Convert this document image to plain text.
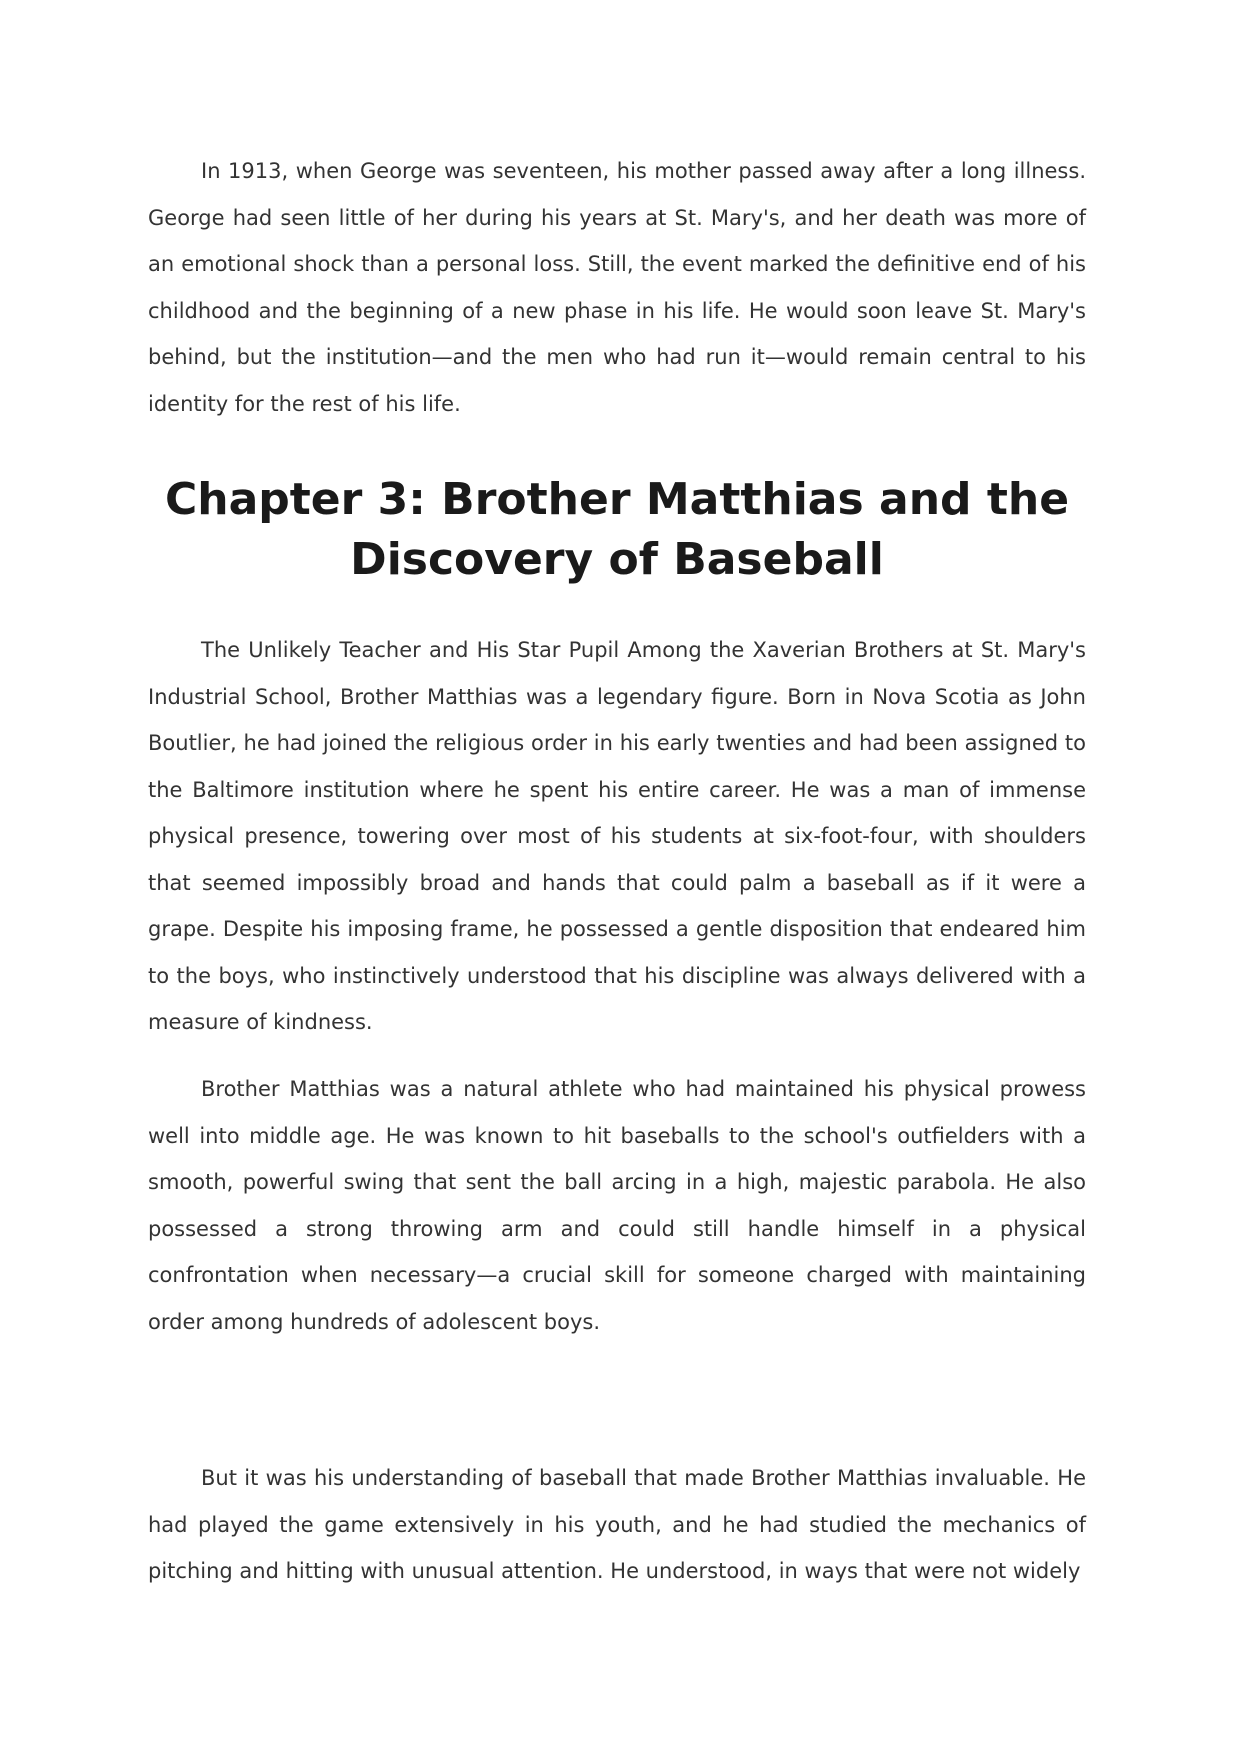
In 1913, when George was seventeen, his mother passed away after a long illness. George had seen little of her during his years at St. Mary's, and her death was more of an emotional shock than a personal loss. Still, the event marked the definitive end of his childhood and the beginning of a new phase in his life. He would soon leave St. Mary's behind, but the institution—and the men who had run it—would remain central to his identity for the rest of his life.

Chapter 3: Brother Matthias and the Discovery of Baseball

The Unlikely Teacher and His Star Pupil Among the Xaverian Brothers at St. Mary's Industrial School, Brother Matthias was a legendary figure. Born in Nova Scotia as John Boutlier, he had joined the religious order in his early twenties and had been assigned to the Baltimore institution where he spent his entire career. He was a man of immense physical presence, towering over most of his students at six-foot-four, with shoulders that seemed impossibly broad and hands that could palm a baseball as if it were a grape. Despite his imposing frame, he possessed a gentle disposition that endeared him to the boys, who instinctively understood that his discipline was always delivered with a measure of kindness.

Brother Matthias was a natural athlete who had maintained his physical prowess well into middle age. He was known to hit baseballs to the school's outfielders with a smooth, powerful swing that sent the ball arcing in a high, majestic parabola. He also possessed a strong throwing arm and could still handle himself in a physical confrontation when necessary—a crucial skill for someone charged with maintaining order among hundreds of adolescent boys.

But it was his understanding of baseball that made Brother Matthias invaluable. He had played the game extensively in his youth, and he had studied the mechanics of pitching and hitting with unusual attention. He understood, in ways that were not widely
